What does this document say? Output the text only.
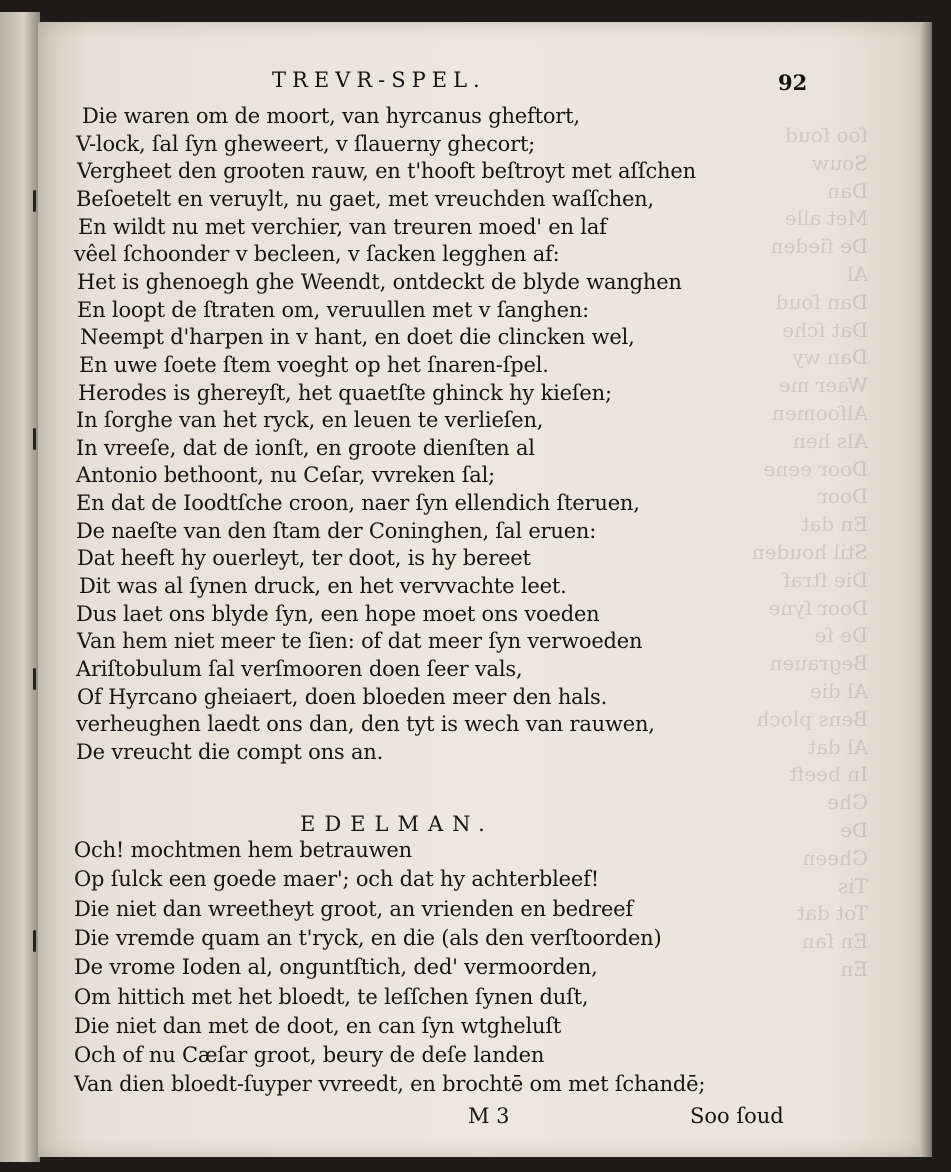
ſoo ſoud
Souw
Dan
Met alle
De ſieden
Al
Dan ſoud
Dat ſche
Dan wy
Waer me
Alſoomen
Als hen
Door eene
Door
En dat
Stil houden
Die ſtraf
Door ſyne
De ſe
Begrauen
Al die
Bens ploch
Al dat
In beeft
Ghe
De
Gheen
Tis
Tot dat
En ſan
En
TREVR-SPEL.	92
Die waren om de moort, van hyrcanus gheftort,
V-lock, ſal ſyn gheweert, v ſlauerny ghecort;
Vergheet den grooten rauw, en t'hooft beſtroyt met aſſchen
Beſoetelt en veruylt, nu gaet, met vreuchden waſſchen,
En wildt nu met verchier, van treuren moed' en laf
vêel ſchoonder v becleen, v ſacken legghen af:
Het is ghenoegh ghe Weendt, ontdeckt de blyde wanghen
En loopt de ſtraten om, veruullen met v ſanghen:
Neempt d'harpen in v hant, en doet die clincken wel,
En uwe ſoete ſtem voeght op het ſnaren-ſpel.
Herodes is ghereyſt, het quaetſte ghinck hy kieſen;
In ſorghe van het ryck, en leuen te verlieſen,
In vreeſe, dat de ionſt, en groote dienſten al
Antonio bethoont, nu Ceſar, vvreken ſal;
En dat de Ioodtſche croon, naer ſyn ellendich ſteruen,
De naeſte van den ſtam der Coninghen, ſal eruen:
Dat heeft hy ouerleyt, ter doot, is hy bereet
Dit was al ſynen druck, en het vervvachte leet.
Dus laet ons blyde ſyn, een hope moet ons voeden
Van hem niet meer te ſien: of dat meer ſyn verwoeden
Ariſtobulum ſal verſmooren doen ſeer vals,
Of Hyrcano gheiaert, doen bloeden meer den hals.
verheughen laedt ons dan, den tyt is wech van rauwen,
De vreucht die compt ons an.
EDELMAN.
Och! mochtmen hem betrauwen
Op ſulck een goede maer'; och dat hy achterbleef!
Die niet dan wreetheyt groot, an vrienden en bedreef
Die vremde quam an t'ryck, en die (als den verſtoorden)
De vrome Ioden al, onguntſtich, ded' vermoorden,
Om hittich met het bloedt, te leſſchen ſynen duſt,
Die niet dan met de doot, en can ſyn wtgheluſt
Och of nu Cæſar groot, beury de deſe landen
Van dien bloedt-ſuyper vvreedt, en brochtē om met ſchandē;
M 3	Soo ſoud
